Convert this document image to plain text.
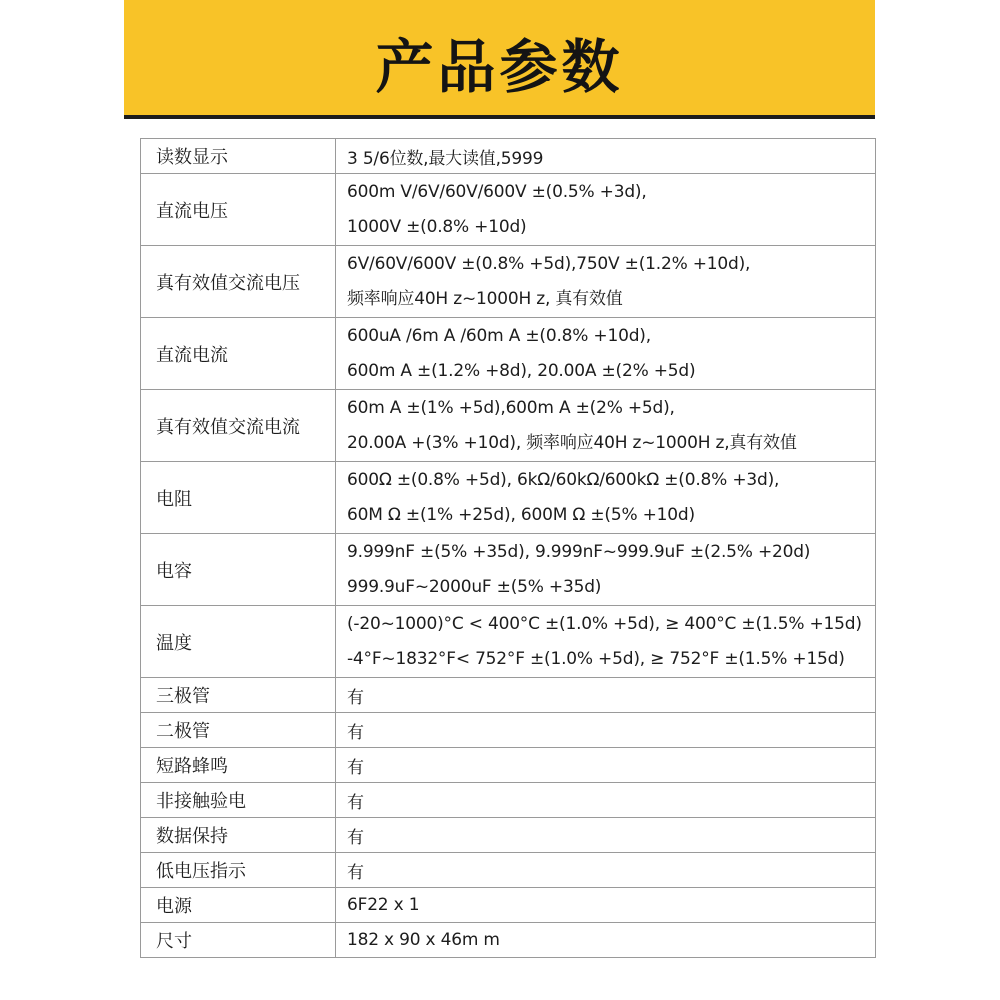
产品参数
读数显示	3 5/6位数,最大读值,5999

直流电压	600m V/6V/60V/600V ±(0.5% +3d),
1000V ±(0.8% +10d)

真有效值交流电压	6V/60V/600V ±(0.8% +5d),750V ±(1.2% +10d),
频率响应40H z~1000H z, 真有效值

直流电流	600uA /6m A /60m A ±(0.8% +10d),
600m A ±(1.2% +8d), 20.00A ±(2% +5d)

真有效值交流电流	60m A ±(1% +5d),600m A ±(2% +5d),
20.00A +(3% +10d), 频率响应40H z~1000H z,真有效值

电阻	600Ω ±(0.8% +5d), 6kΩ/60kΩ/600kΩ ±(0.8% +3d),
60M Ω ±(1% +25d), 600M Ω ±(5% +10d)

电容	9.999nF ±(5% +35d), 9.999nF~999.9uF ±(2.5% +20d)
999.9uF~2000uF ±(5% +35d)

温度	(-20~1000)°C < 400°C ±(1.0% +5d), ≥ 400°C ±(1.5% +15d)
-4°F~1832°F< 752°F ±(1.0% +5d), ≥ 752°F ±(1.5% +15d)

三极管	有

二极管	有

短路蜂鸣	有

非接触验电	有

数据保持	有

低电压指示	有

电源	6F22 x 1

尺寸	182 x 90 x 46m m
